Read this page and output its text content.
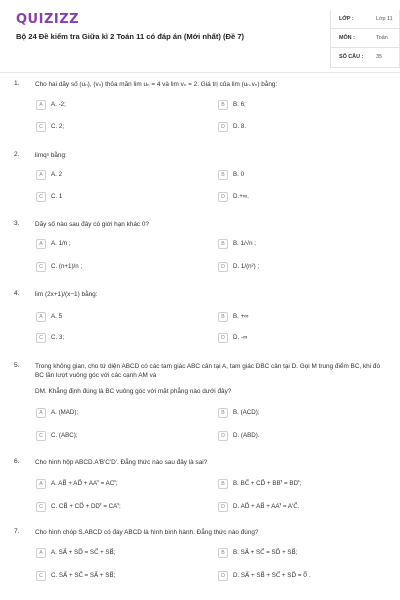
QUIZIZZ
Bộ 24 Đề kiểm tra Giữa kì 2 Toán 11 có đáp án (Mới nhất) (Đề 7)
LỚP :	Lớp 11
MÔN :	Toán
SỐ CÂU : 35
1. Cho hai dãy số (uₙ), (vₙ) thỏa mãn lim uₙ = 4 và lim vₙ = 2. Giá trị của lim (uₙ.vₙ) bằng:
A	A. -2;	B	B. 6;
C	C. 2;	D	D. 8.
2. limqⁿ bằng:
A	A. 2	B	B. 0
C	C. 1	D	D.+∞.
3. Dãy số nào sau đây có giới hạn khác 0?
A	A. 1/n ;	B	B. 1/√n ;
C	C. (n+1)/n ;	D	D. 1/(n²) ;
4. lim (2x+1)/(x−1) bằng:
A	A. 5	B	B. +∞
C	C. 3;	D	D. -∞
5. Trong không gian, cho tứ diện ABCD có các tam giác ABC cân tại A, tam giác DBC cân tại D. Gọi M trung điểm BC, khi đó BC lần lượt vuông góc với các cạnh AM và
DM. Khẳng định đúng là BC vuông góc với mặt phẳng nào dưới đây?
A	A. (MAD);	B	B. (ACD);
C	C. (ABC);	D	D. (ABD).
6. Cho hình hộp ABCD.A'B'C'D'. Đẳng thức nào sau đây là sai?
A	A. AB⃗ + AD⃗ + AA'⃗ = AC'⃗;	B	B. BC⃗ + CD⃗ + BB'⃗ = BD'⃗;
C	C. CB⃗ + CD⃗ + DD'⃗ = CA'⃗;	D	D. AD⃗ + AB⃗ + AA'⃗ = A'C⃗.
7. Cho hình chóp S.ABCD có đáy ABCD là hình bình hành. Đẳng thức nào đúng?
A	A. SA⃗ + SD⃗ = SC⃗ + SB⃗;	B	B. SA⃗ + SC⃗ = SD⃗ + SB⃗;
C	C. SA⃗ + SC⃗ = SA⃗ + SB⃗;	D	D. SA⃗ + SB⃗ + SC⃗ + SD⃗ = 0⃗ .
